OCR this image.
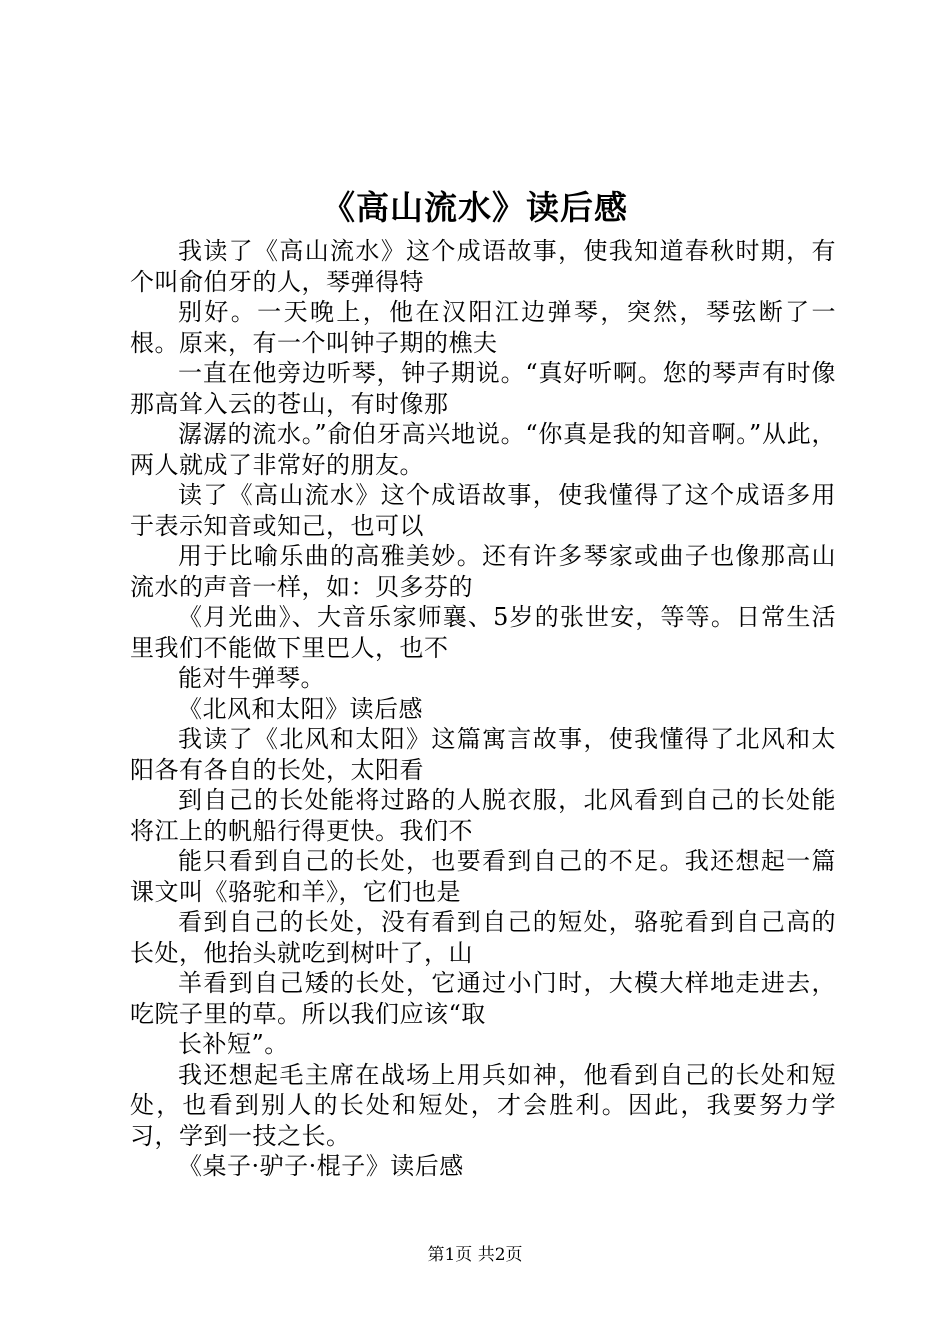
《高山流水》读后感

我读了《高山流水》这个成语故事，使我知道春秋时期，有个叫俞伯牙的人，琴弹得特

别好。一天晚上，他在汉阳江边弹琴，突然，琴弦断了一根。原来，有一个叫钟子期的樵夫

一直在他旁边听琴，钟子期说。“真好听啊。您的琴声有时像那高耸入云的苍山，有时像那

潺潺的流水。”俞伯牙高兴地说。“你真是我的知音啊。”从此，两人就成了非常好的朋友。

读了《高山流水》这个成语故事，使我懂得了这个成语多用于表示知音或知己，也可以

用于比喻乐曲的高雅美妙。还有许多琴家或曲子也像那高山流水的声音一样，如：贝多芬的

《月光曲》、大音乐家师襄、5岁的张世安，等等。日常生活里我们不能做下里巴人，也不

能对牛弹琴。

《北风和太阳》读后感

我读了《北风和太阳》这篇寓言故事，使我懂得了北风和太阳各有各自的长处，太阳看

到自己的长处能将过路的人脱衣服，北风看到自己的长处能将江上的帆船行得更快。我们不

能只看到自己的长处，也要看到自己的不足。我还想起一篇课文叫《骆驼和羊》，它们也是

看到自己的长处，没有看到自己的短处，骆驼看到自己高的长处，他抬头就吃到树叶了，山

羊看到自己矮的长处，它通过小门时，大模大样地走进去，吃院子里的草。所以我们应该“取

长补短”。

我还想起毛主席在战场上用兵如神，他看到自己的长处和短处，也看到别人的长处和短处，才会胜利。因此，我要努力学习，学到一技之长。

《桌子·驴子·棍子》读后感

第1页 共2页
